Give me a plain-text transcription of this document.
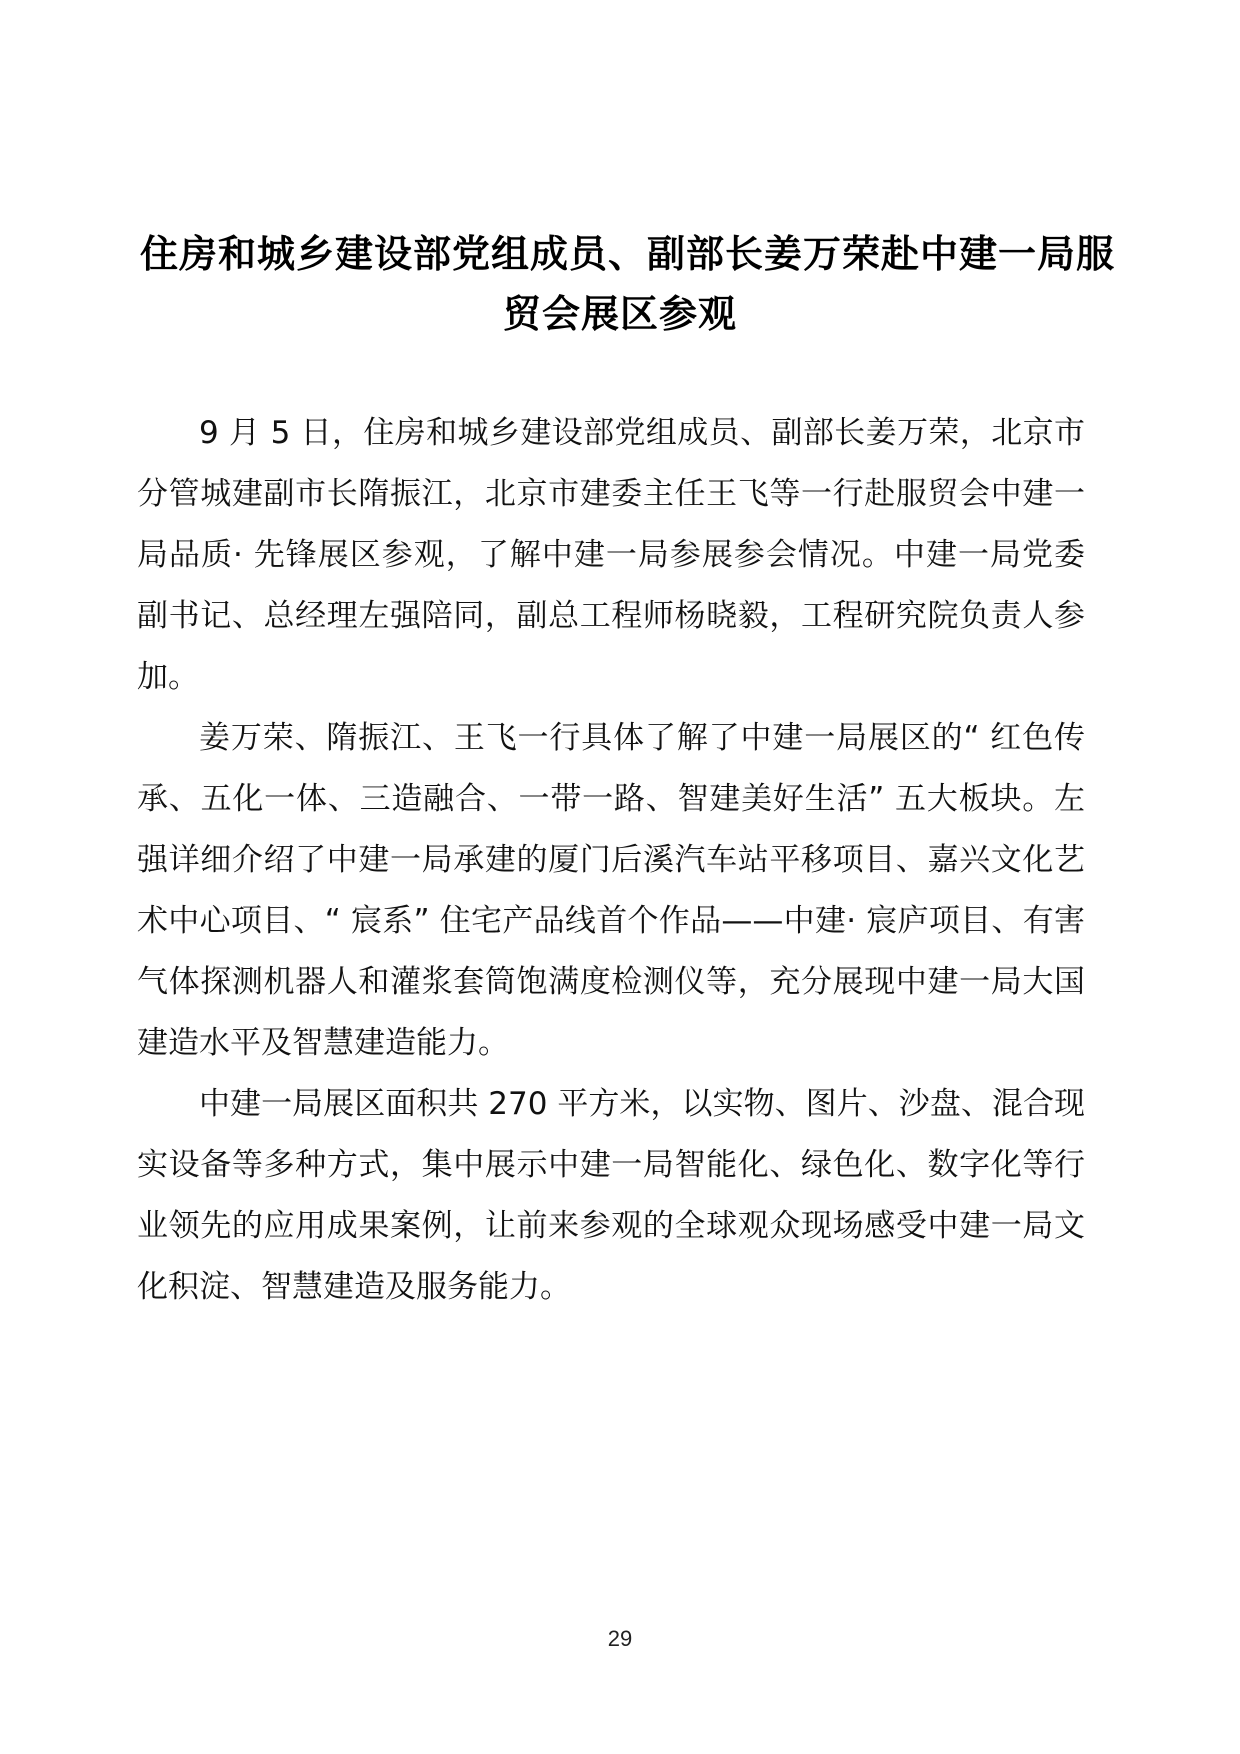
住房和城乡建设部党组成员、副部长姜万荣赴中建一局服
贸会展区参观

9 月 5 日，住房和城乡建设部党组成员、副部长姜万荣，北京市分管城建副市长隋振江，北京市建委主任王飞等一行赴服贸会中建一局品质· 先锋展区参观，了解中建一局参展参会情况。中建一局党委副书记、总经理左强陪同，副总工程师杨晓毅，工程研究院负责人参加。

姜万荣、隋振江、王飞一行具体了解了中建一局展区的“ 红色传承、五化一体、三造融合、一带一路、智建美好生活” 五大板块。左强详细介绍了中建一局承建的厦门后溪汽车站平移项目、嘉兴文化艺术中心项目、“ 宸系” 住宅产品线首个作品——中建· 宸庐项目、有害气体探测机器人和灌浆套筒饱满度检测仪等，充分展现中建一局大国建造水平及智慧建造能力。

中建一局展区面积共 270 平方米，以实物、图片、沙盘、混合现实设备等多种方式，集中展示中建一局智能化、绿色化、数字化等行业领先的应用成果案例，让前来参观的全球观众现场感受中建一局文化积淀、智慧建造及服务能力。

29
